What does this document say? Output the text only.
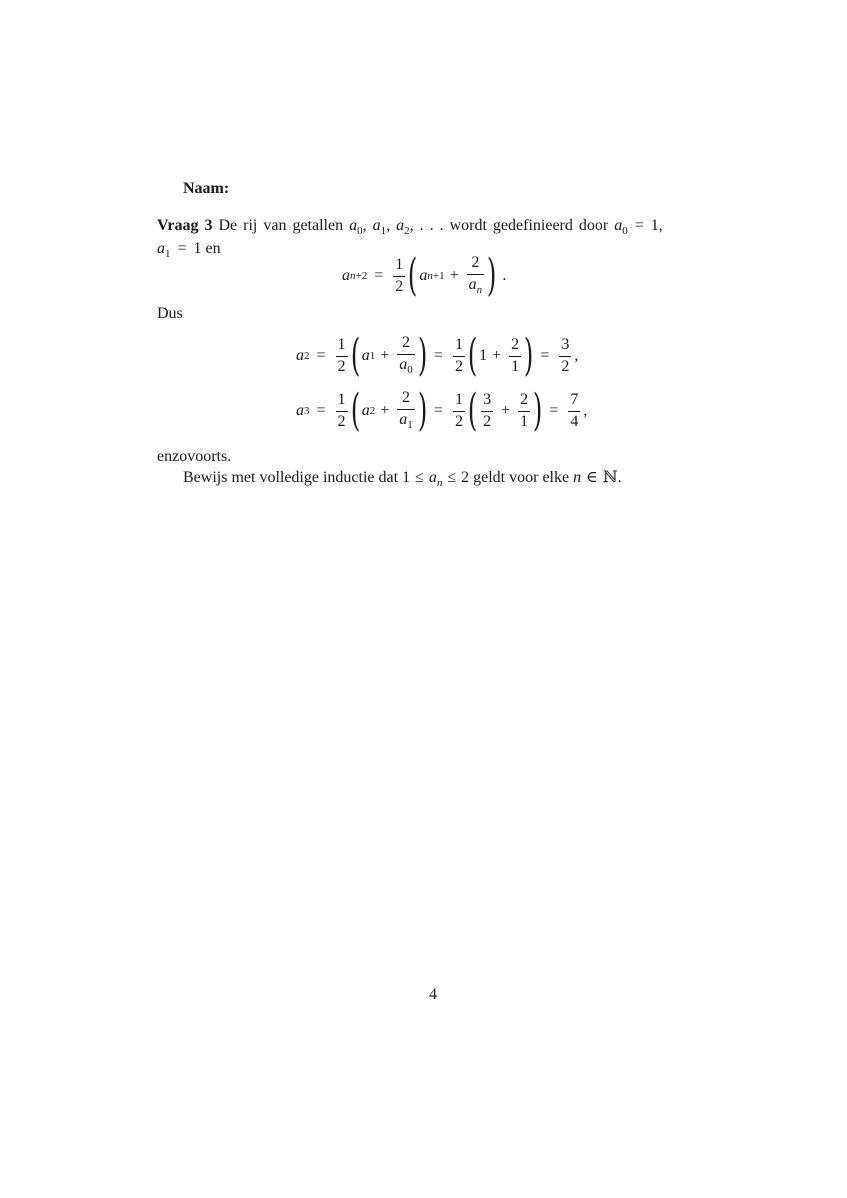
Naam:
Vraag 3 De rij van getallen $a_0$, $a_1$, $a_2$, . . . wordt gedefinieerd door $a_0 = 1$,
$a_1 = 1$ en
a $n +2 = \frac{1}{2}$ ( a $n +1 + \frac{2}{a_n}$ ) .
Dus
a $2 = \frac{1}{2}$ ( a $1 + \frac{2}{a_0}$ ) = $\frac{1}{2}$ ( $1 + \frac{2}{1}$ ) = $\frac{3}{2}$ ,
a $3 = \frac{1}{2}$ ( a $2 + \frac{2}{a_1}$ ) = $\frac{1}{2}$ ( $\frac{3}{2} + \frac{2}{1}$ ) = $\frac{7}{4}$ ,
enzovoorts.
Bewijs met volledige inductie dat $1 \le a_n \le 2$ geldt voor elke n ∈ ℕ.
4
